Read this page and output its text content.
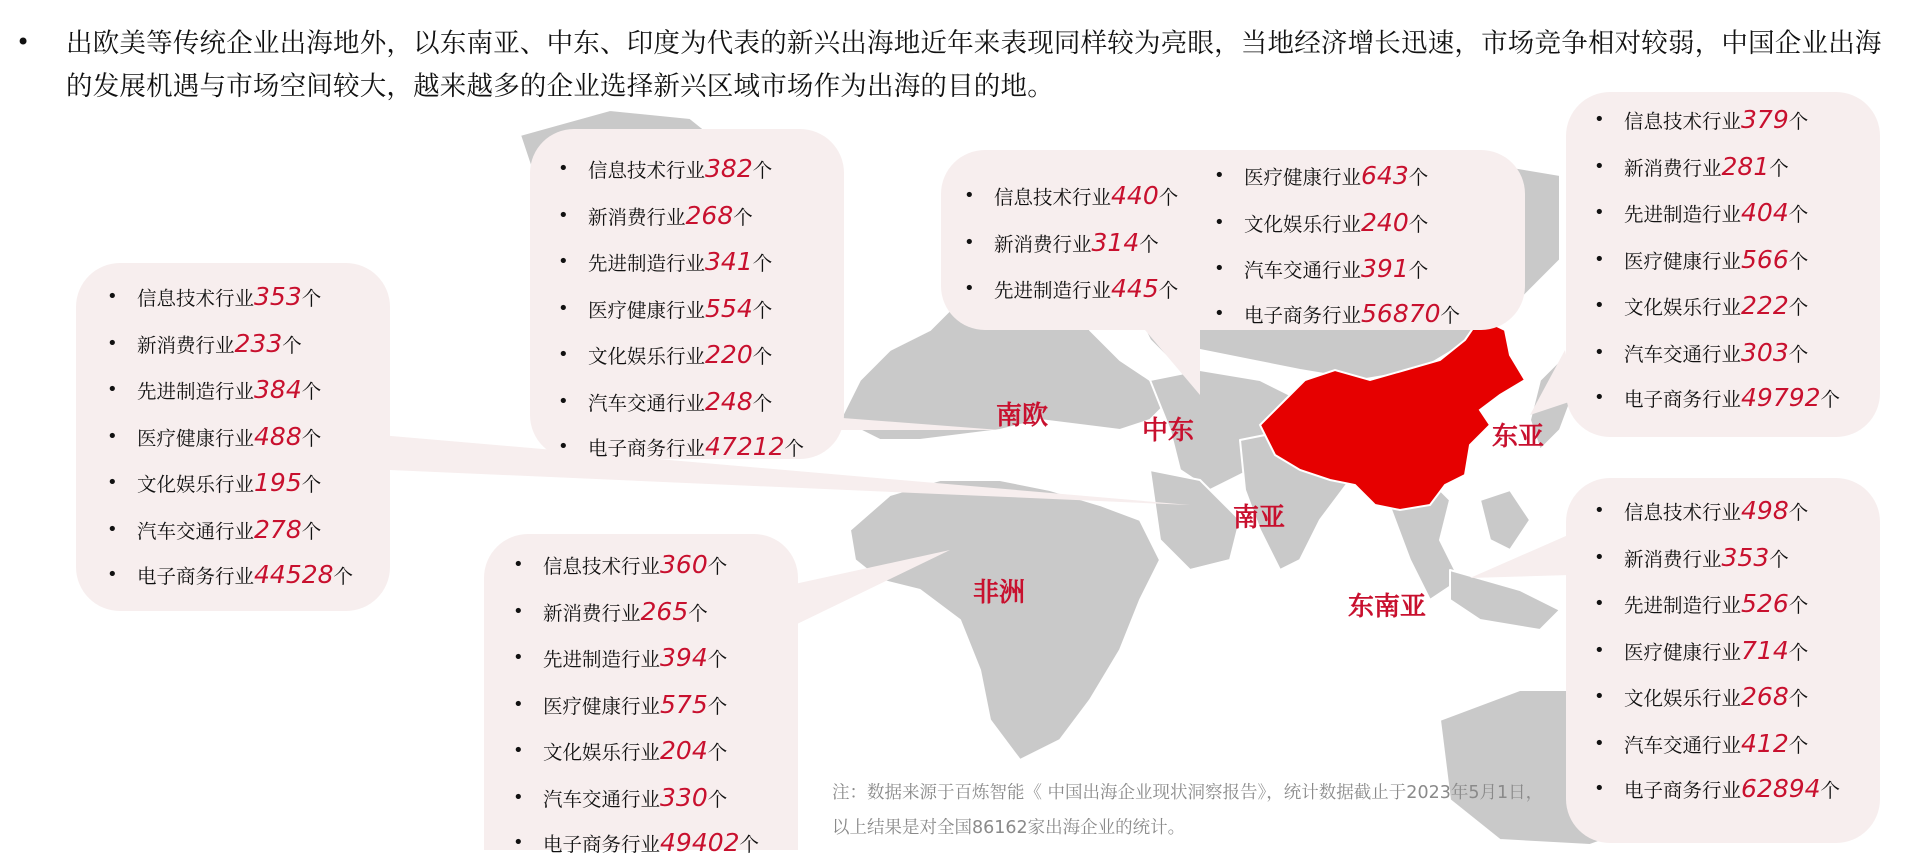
• 出欧美等传统企业出海地外，以东南亚、中东、印度为代表的新兴出海地近年来表现同样较为亮眼，当地经济增长迅速，市场竞争相对较弱，中国企业出海的发展机遇与市场空间较大，越来越多的企业选择新兴区域市场作为出海的目的地。
南欧	中东	东亚
南亚
非洲	东南亚
• 信息技术行业353个
• 新消费行业233个
• 先进制造行业384个
• 医疗健康行业488个
• 文化娱乐行业195个
• 汽车交通行业278个
• 电子商务行业44528个
• 信息技术行业382个
• 新消费行业268个
• 先进制造行业341个
• 医疗健康行业554个
• 文化娱乐行业220个
• 汽车交通行业248个
• 电子商务行业47212个
• 信息技术行业440个
• 新消费行业314个
• 先进制造行业445个
• 医疗健康行业643个
• 文化娱乐行业240个
• 汽车交通行业391个
• 电子商务行业56870个
• 信息技术行业379个
• 新消费行业281个
• 先进制造行业404个
• 医疗健康行业566个
• 文化娱乐行业222个
• 汽车交通行业303个
• 电子商务行业49792个
• 信息技术行业360个
• 新消费行业265个
• 先进制造行业394个
• 医疗健康行业575个
• 文化娱乐行业204个
• 汽车交通行业330个
• 电子商务行业49402个
• 信息技术行业498个
• 新消费行业353个
• 先进制造行业526个
• 医疗健康行业714个
• 文化娱乐行业268个
• 汽车交通行业412个
• 电子商务行业62894个
注：数据来源于百炼智能《 中国出海企业现状洞察报告》，统计数据截止于2023年5月1日，以上结果是对全国86162家出海企业的统计。
